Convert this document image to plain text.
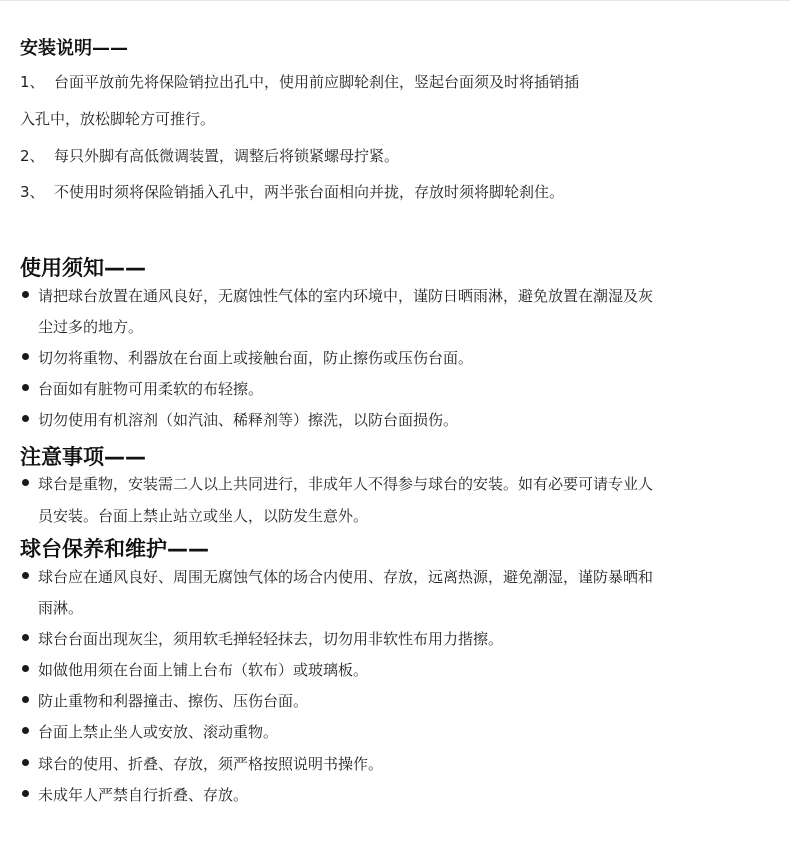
安装说明——
1、 台面平放前先将保险销拉出孔中，使用前应脚轮刹住，竖起台面须及时将插销插
入孔中，放松脚轮方可推行。
2、 每只外脚有高低微调装置，调整后将锁紧螺母拧紧。
3、 不使用时须将保险销插入孔中，两半张台面相向并拢，存放时须将脚轮刹住。
使用须知——
请把球台放置在通风良好，无腐蚀性气体的室内环境中，谨防日晒雨淋，避免放置在潮湿及灰
尘过多的地方。
切勿将重物、利器放在台面上或接触台面，防止擦伤或压伤台面。
台面如有脏物可用柔软的布轻擦。
切勿使用有机溶剂（如汽油、稀释剂等）擦洗，以防台面损伤。
注意事项——
球台是重物，安装需二人以上共同进行，非成年人不得参与球台的安装。如有必要可请专业人
员安装。台面上禁止站立或坐人，以防发生意外。
球台保养和维护——
球台应在通风良好、周围无腐蚀气体的场合内使用、存放，远离热源，避免潮湿，谨防暴晒和
雨淋。
球台台面出现灰尘，须用软毛掸轻轻抹去，切勿用非软性布用力揩擦。
如做他用须在台面上铺上台布（软布）或玻璃板。
防止重物和利器撞击、擦伤、压伤台面。
台面上禁止坐人或安放、滚动重物。
球台的使用、折叠、存放，须严格按照说明书操作。
未成年人严禁自行折叠、存放。
